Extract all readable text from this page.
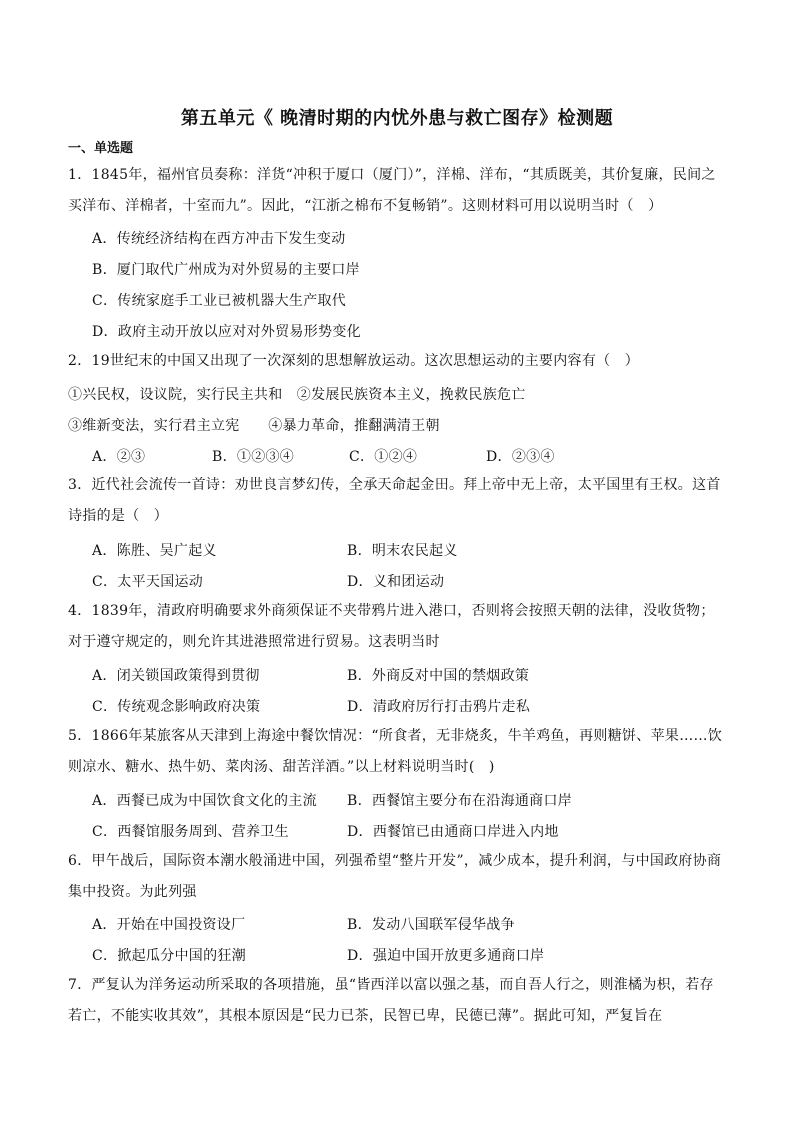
第五单元《 晚清时期的内忧外患与救亡图存》检测题
一、单选题
1．1845年，福州官员奏称：洋货“冲积于厦口（厦门）”，洋棉、洋布，“其质既美，其价复廉，民间之买洋布、洋棉者，十室而九”。因此，“江浙之棉布不复畅销”。这则材料可用以说明当时（　）
A．传统经济结构在西方冲击下发生变动
B．厦门取代广州成为对外贸易的主要口岸
C．传统家庭手工业已被机器大生产取代
D．政府主动开放以应对对外贸易形势变化
2．19世纪末的中国又出现了一次深刻的思想解放运动。这次思想运动的主要内容有（　）
①兴民权，设议院，实行民主共和　②发展民族资本主义，挽救民族危亡
③维新变法，实行君主立宪　　④暴力革命，推翻满清王朝
A．②③	B．①②③④	C．①②④	D．②③④
3．近代社会流传一首诗：劝世良言梦幻传，全承天命起金田。拜上帝中无上帝，太平国里有王权。这首诗指的是（　）
A．陈胜、吴广起义	B．明末农民起义
C．太平天国运动	D．义和团运动
4．1839年，清政府明确要求外商须保证不夹带鸦片进入港口，否则将会按照天朝的法律，没收货物；对于遵守规定的，则允许其进港照常进行贸易。这表明当时
A．闭关锁国政策得到贯彻	B．外商反对中国的禁烟政策
C．传统观念影响政府决策	D．清政府厉行打击鸦片走私
5．1866年某旅客从天津到上海途中餐饮情况：“所食者，无非烧炙，牛羊鸡鱼，再则糖饼、苹果……饮则凉水、糖水、热牛奶、菜肉汤、甜苦洋酒。”以上材料说明当时(　)
A．西餐已成为中国饮食文化的主流 B．西餐馆主要分布在沿海通商口岸
C．西餐馆服务周到、营养卫生	D．西餐馆已由通商口岸进入内地
6．甲午战后，国际资本潮水般涌进中国，列强希望“整片开发”，减少成本，提升利润，与中国政府协商集中投资。为此列强
A．开始在中国投资设厂	B．发动八国联军侵华战争
C．掀起瓜分中国的狂潮	D．强迫中国开放更多通商口岸
7．严复认为洋务运动所采取的各项措施，虽“皆西洋以富以强之基，而自吾人行之，则淮橘为枳，若存若亡，不能实收其效”，其根本原因是“民力已茶，民智已卑，民德已薄”。据此可知，严复旨在
